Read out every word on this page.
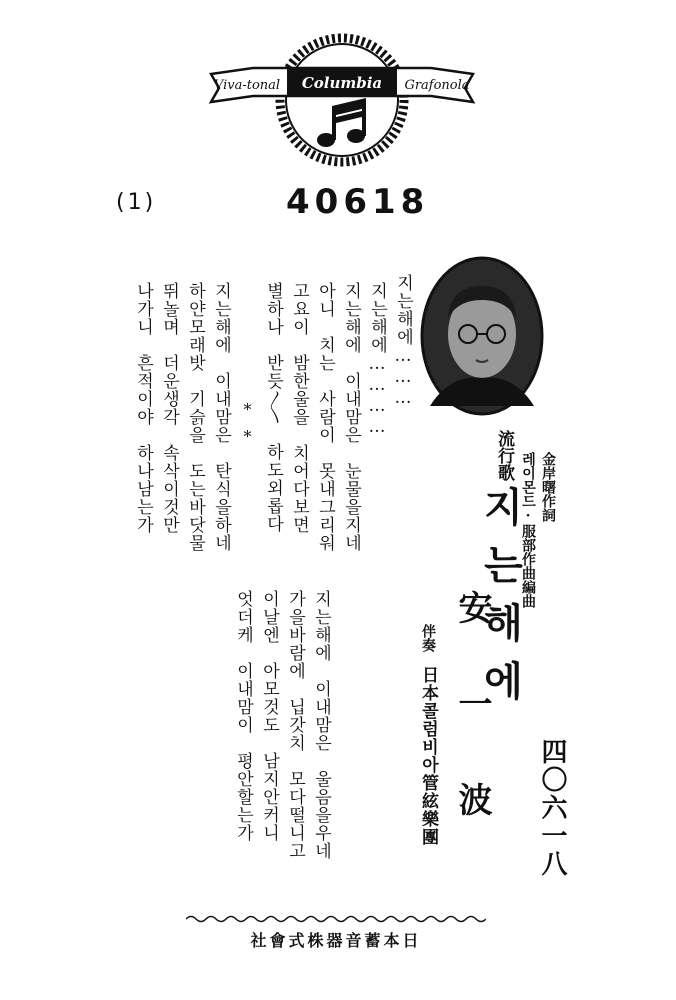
Viva-tonal Columbia Grafonola
(1)	40618
四〇六一八
金岸曙作詞
레이몬드·服部作曲編曲
流行歌
지는해에
安一波
伴奏
日本콜럼비아管絃樂團
지는해에………
지는해에…………
지는해에　이내맘은　눈물을지네
아니　치는　사람이　못내그리워
고요이　밤한울을　치어다보면
별하나　반듯〳〵　하도외롭다
**
지는해에　이내맘은　탄식을하네
하얀모래밧　기슭을　도는바닷물
뛰놀며　더운생각　속삭이것만
나가니　흔적이야　하나남는가
지는해에　이내맘은　울음을우네
가을바람에　닙갓치　모다떨니고
이날엔　아모것도　남지안커니
엇더케　이내맘이　평안할는가
日本蓄音器株式會社
